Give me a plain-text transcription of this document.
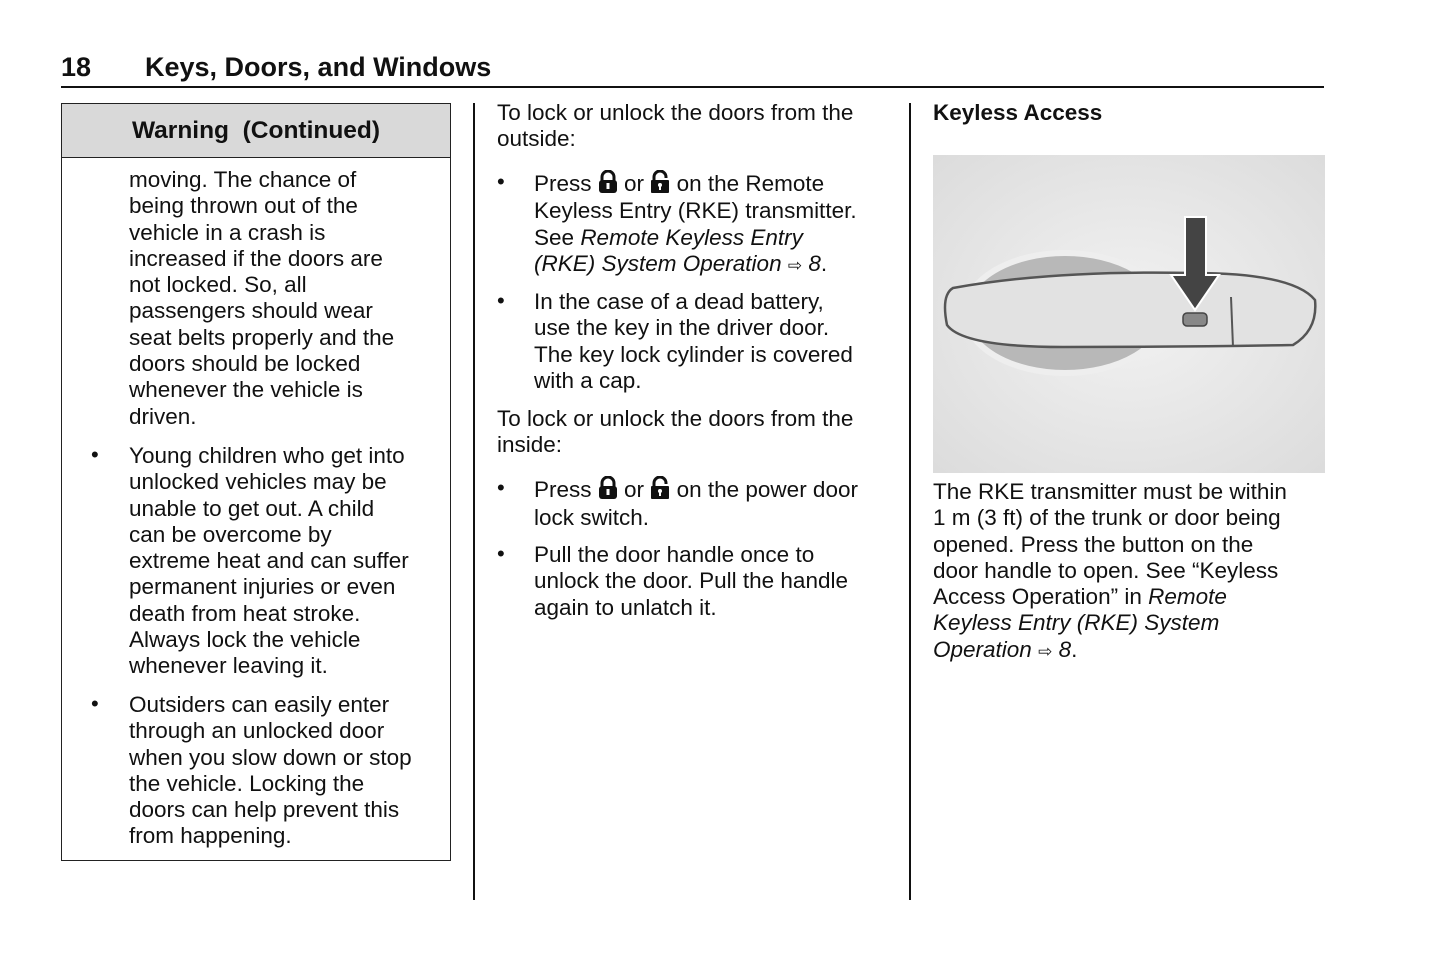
18 Keys, Doors, and Windows
Warning  (Continued)
moving. The chance of
being thrown out of the
vehicle in a crash is
increased if the doors are
not locked. So, all
passengers should wear
seat belts properly and the
doors should be locked
whenever the vehicle is
driven.
• Young children who get into
unlocked vehicles may be
unable to get out. A child
can be overcome by
extreme heat and can suffer
permanent injuries or even
death from heat stroke.
Always lock the vehicle
whenever leaving it.
• Outsiders can easily enter
through an unlocked door
when you slow down or stop
the vehicle. Locking the
doors can help prevent this
from happening.
To lock or unlock the doors from the
outside:
• Press or on the Remote
Keyless Entry (RKE) transmitter.
See Remote Keyless Entry
(RKE) System Operation ⇨ 8.
• In the case of a dead battery,
use the key in the driver door.
The key lock cylinder is covered
with a cap.
To lock or unlock the doors from the
inside:
• Press or on the power door
lock switch.
• Pull the door handle once to
unlock the door. Pull the handle
again to unlatch it.
Keyless Access
The RKE transmitter must be within
1 m (3 ft) of the trunk or door being
opened. Press the button on the
door handle to open. See “Keyless
Access Operation” in Remote
Keyless Entry (RKE) System
Operation ⇨ 8.
